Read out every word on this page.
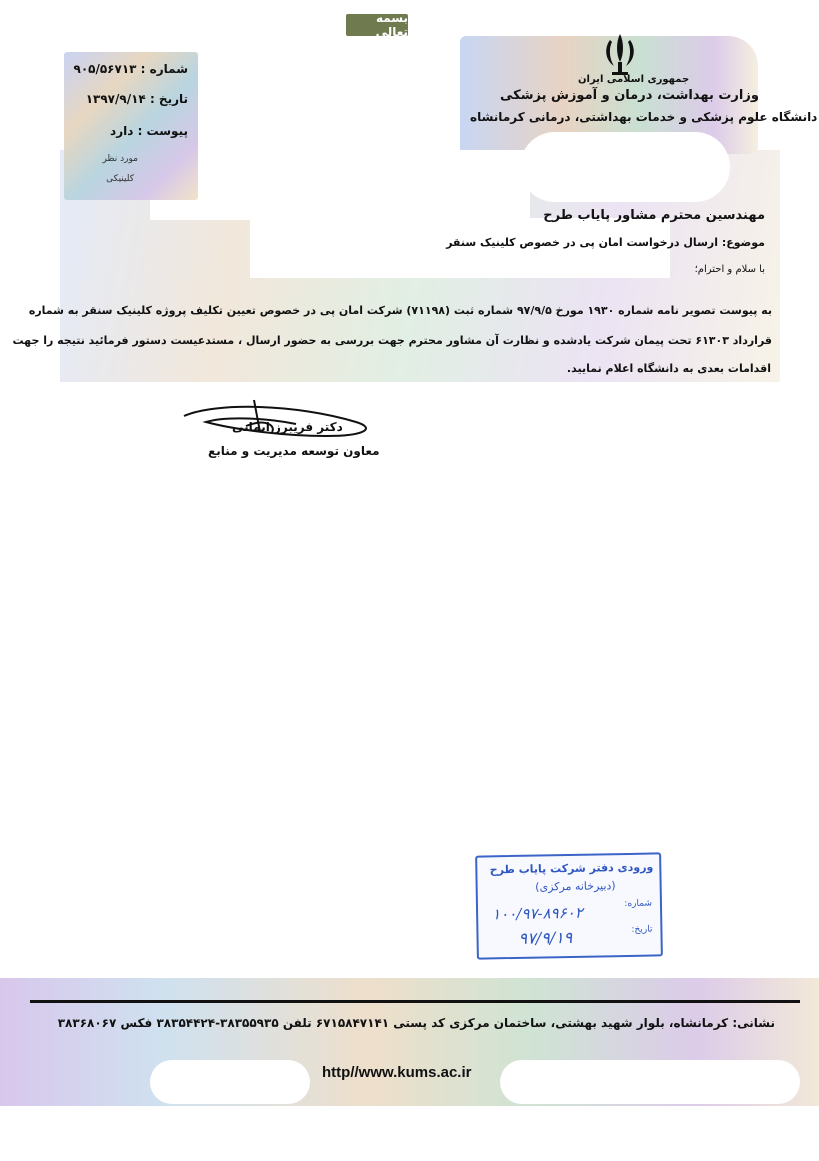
بسمه تعالی
شماره : ۹۰۵/۵۶۷۱۳
تاریخ : ۱۳۹۷/۹/۱۴
پیوست : دارد
مورد نظر
کلینیکی
جمهوری اسلامی ایران
وزارت بهداشت، درمان و آموزش پزشکی
دانشگاه علوم پزشکی و خدمات بهداشتی، درمانی کرمانشاه
مهندسین محترم مشاور پایاب طرح
موضوع: ارسال درخواست امان پی در خصوص کلینیک سنقر
با سلام و احترام؛
به پیوست تصویر نامه شماره ۱۹۳۰ مورخ ۹۷/۹/۵ شماره ثبت (۷۱۱۹۸) شرکت امان پی در خصوص تعیین تکلیف پروژه کلینیک سنقر به شماره
قرارداد ۶۱۳۰۳ تحت پیمان شرکت یادشده و نظارت آن مشاور محترم جهت بررسی به حضور ارسال ، مستدعیست دستور فرمائید نتیجه را جهت
اقدامات بعدی به دانشگاه اعلام نمایید.
دکتر فریبرز ایمانی
معاون توسعه مدیریت و منابع
ورودی دفتر شرکت پایاب طرح
(دبیرخانه مرکزی)
شماره:
۱۰۰/۹۷-۸۹۶۰۲
تاریخ:
۹۷/۹/۱۹
نشانی: کرمانشاه، بلوار شهید بهشتی، ساختمان مرکزی کد پستی ۶۷۱۵۸۴۷۱۴۱ تلفن ۳۸۳۵۵۹۳۵-۳۸۳۵۴۴۲۴ فکس ۳۸۳۶۸۰۶۷
http//www.kums.ac.ir
